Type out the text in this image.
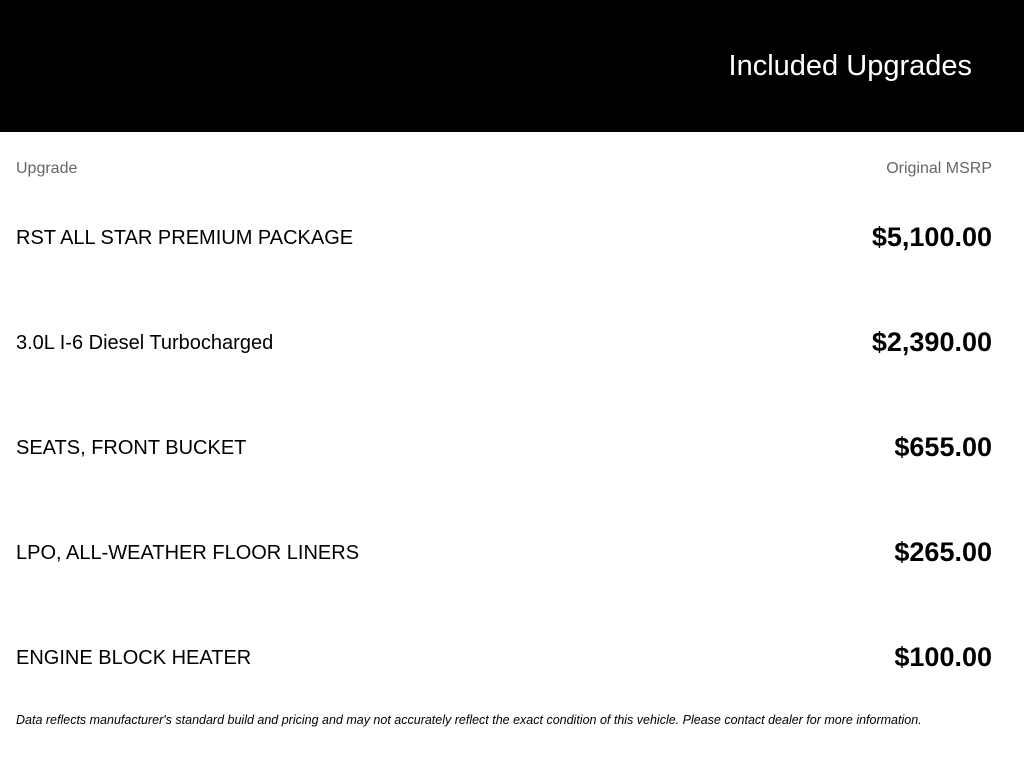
Included Upgrades
Upgrade	Original MSRP
RST ALL STAR PREMIUM PACKAGE	$5,100.00
3.0L I-6 Diesel Turbocharged	$2,390.00
SEATS, FRONT BUCKET	$655.00
LPO, ALL-WEATHER FLOOR LINERS	$265.00
ENGINE BLOCK HEATER	$100.00
Data reflects manufacturer's standard build and pricing and may not accurately reflect the exact condition of this vehicle. Please contact dealer for more information.
